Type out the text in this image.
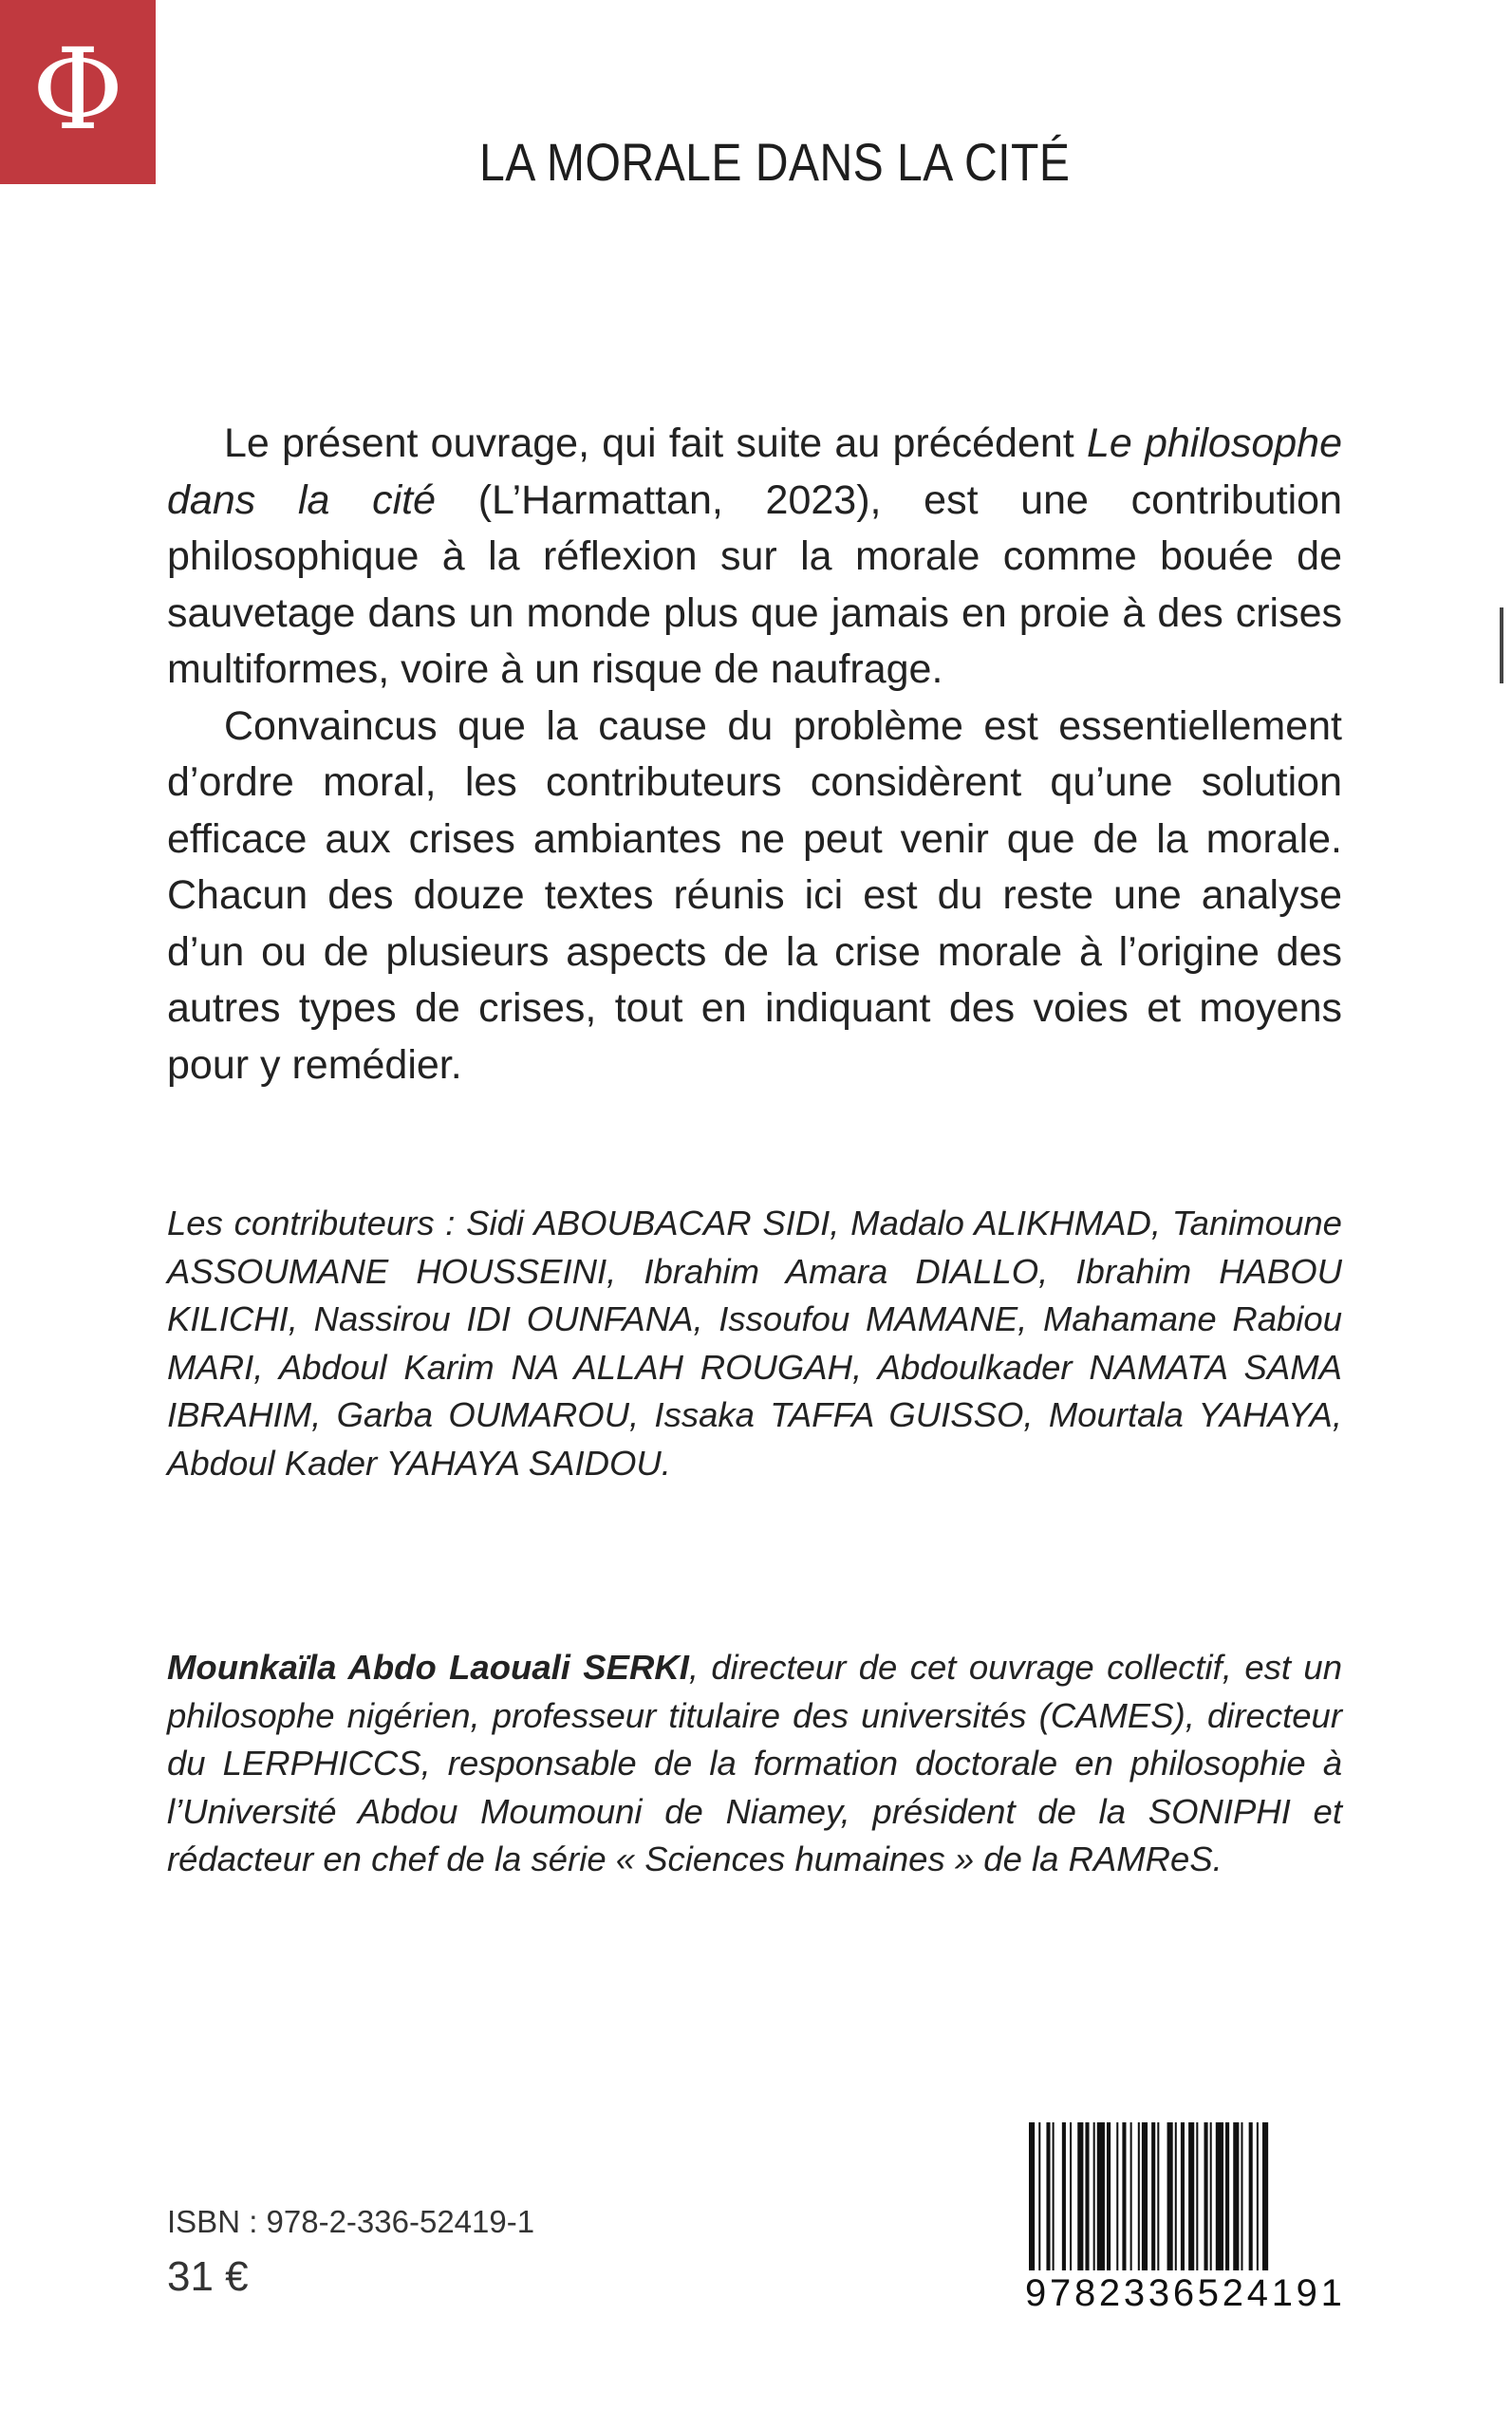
Φ
LA MORALE DANS LA CITÉ

Le présent ouvrage, qui fait suite au précédent Le philosophe dans la cité (L’Harmattan, 2023), est une contribution philosophique à la réflexion sur la morale comme bouée de sauvetage dans un monde plus que jamais en proie à des crises multiformes, voire à un risque de naufrage.

Convaincus que la cause du problème est essentiellement d’ordre moral, les contributeurs considèrent qu’une solution efficace aux crises ambiantes ne peut venir que de la morale. Chacun des douze textes réunis ici est du reste une analyse d’un ou de plusieurs aspects de la crise morale à l’origine des autres types de crises, tout en indiquant des voies et moyens pour y remédier.

Les contributeurs : Sidi ABOUBACAR SIDI, Madalo ALIKHMAD, Tanimoune ASSOUMANE HOUSSEINI, Ibrahim Amara DIALLO, Ibrahim HABOU KILICHI, Nassirou IDI OUNFANA, Issoufou MAMANE, Mahamane Rabiou MARI, Abdoul Karim NA ALLAH ROUGAH, Abdoulkader NAMATA SAMA IBRAHIM, Garba OUMAROU, Issaka TAFFA GUISSO, Mourtala YAHAYA, Abdoul Kader YAHAYA SAIDOU.

Mounkaïla Abdo Laouali SERKI, directeur de cet ouvrage collectif, est un philosophe nigérien, professeur titulaire des universités (CAMES), directeur du LERPHICCS, responsable de la formation doctorale en philosophie à l’Université Abdou Moumouni de Niamey, président de la SONIPHI et rédacteur en chef de la série « Sciences humaines » de la RAMReS.

ISBN : 978-2-336-52419-1

31 €	9 7 8 2 3 3 6 5 2 4 1 9 1
